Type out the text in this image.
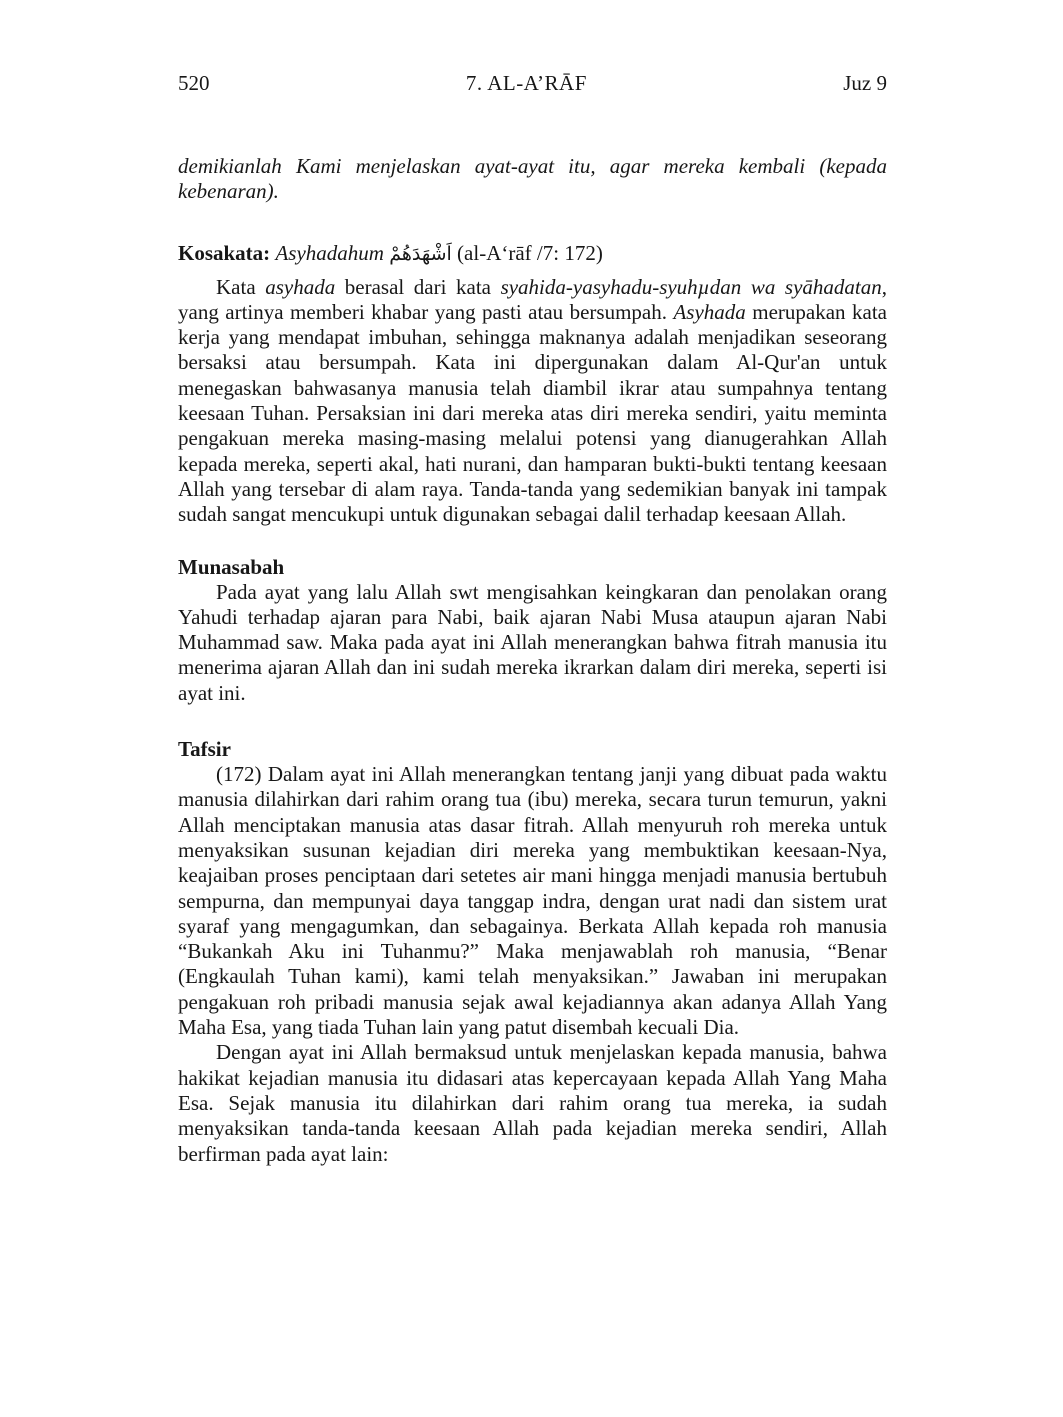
520	7. AL-A’RĀF	Juz 9

demikianlah Kami menjelaskan ayat-ayat itu, agar mereka kembali (kepada kebenaran).

Kosakata: Asyhadahum اَشْهَدَهُمْ (al-A‘rāf /7: 172)

Kata asyhada berasal dari kata syahida-yasyhadu-syuhµdan wa syāhadatan, yang artinya memberi khabar yang pasti atau bersumpah. Asyhada merupakan kata kerja yang mendapat imbuhan, sehingga maknanya adalah menjadikan seseorang bersaksi atau bersumpah. Kata ini dipergunakan dalam Al-Qur'an untuk menegaskan bahwasanya manusia telah diambil ikrar atau sumpahnya tentang keesaan Tuhan. Persaksian ini dari mereka atas diri mereka sendiri, yaitu meminta pengakuan mereka masing-masing melalui potensi yang dianugerahkan Allah kepada mereka, seperti akal, hati nurani, dan hamparan bukti-bukti tentang keesaan Allah yang tersebar di alam raya. Tanda-tanda yang sedemikian banyak ini tampak sudah sangat mencukupi untuk digunakan sebagai dalil terhadap keesaan Allah.

Munasabah

Pada ayat yang lalu Allah swt mengisahkan keingkaran dan penolakan orang Yahudi terhadap ajaran para Nabi, baik ajaran Nabi Musa ataupun ajaran Nabi Muhammad saw. Maka pada ayat ini Allah menerangkan bahwa fitrah manusia itu menerima ajaran Allah dan ini sudah mereka ikrarkan dalam diri mereka, seperti isi ayat ini.

Tafsir

(172) Dalam ayat ini Allah menerangkan tentang janji yang dibuat pada waktu manusia dilahirkan dari rahim orang tua (ibu) mereka, secara turun temurun, yakni Allah menciptakan manusia atas dasar fitrah. Allah menyuruh roh mereka untuk menyaksikan susunan kejadian diri mereka yang membuktikan keesaan-Nya, keajaiban proses penciptaan dari setetes air mani hingga menjadi manusia bertubuh sempurna, dan mempunyai daya tanggap indra, dengan urat nadi dan sistem urat syaraf yang mengagumkan, dan sebagainya. Berkata Allah kepada roh manusia “Bukankah Aku ini Tuhanmu?” Maka menjawablah roh manusia, “Benar (Engkaulah Tuhan kami), kami telah menyaksikan.” Jawaban ini merupakan pengakuan roh pribadi manusia sejak awal kejadiannya akan adanya Allah Yang Maha Esa, yang tiada Tuhan lain yang patut disembah kecuali Dia.

Dengan ayat ini Allah bermaksud untuk menjelaskan kepada manusia, bahwa hakikat kejadian manusia itu didasari atas kepercayaan kepada Allah Yang Maha Esa. Sejak manusia itu dilahirkan dari rahim orang tua mereka, ia sudah menyaksikan tanda-tanda keesaan Allah pada kejadian mereka sendiri, Allah berfirman pada ayat lain:
